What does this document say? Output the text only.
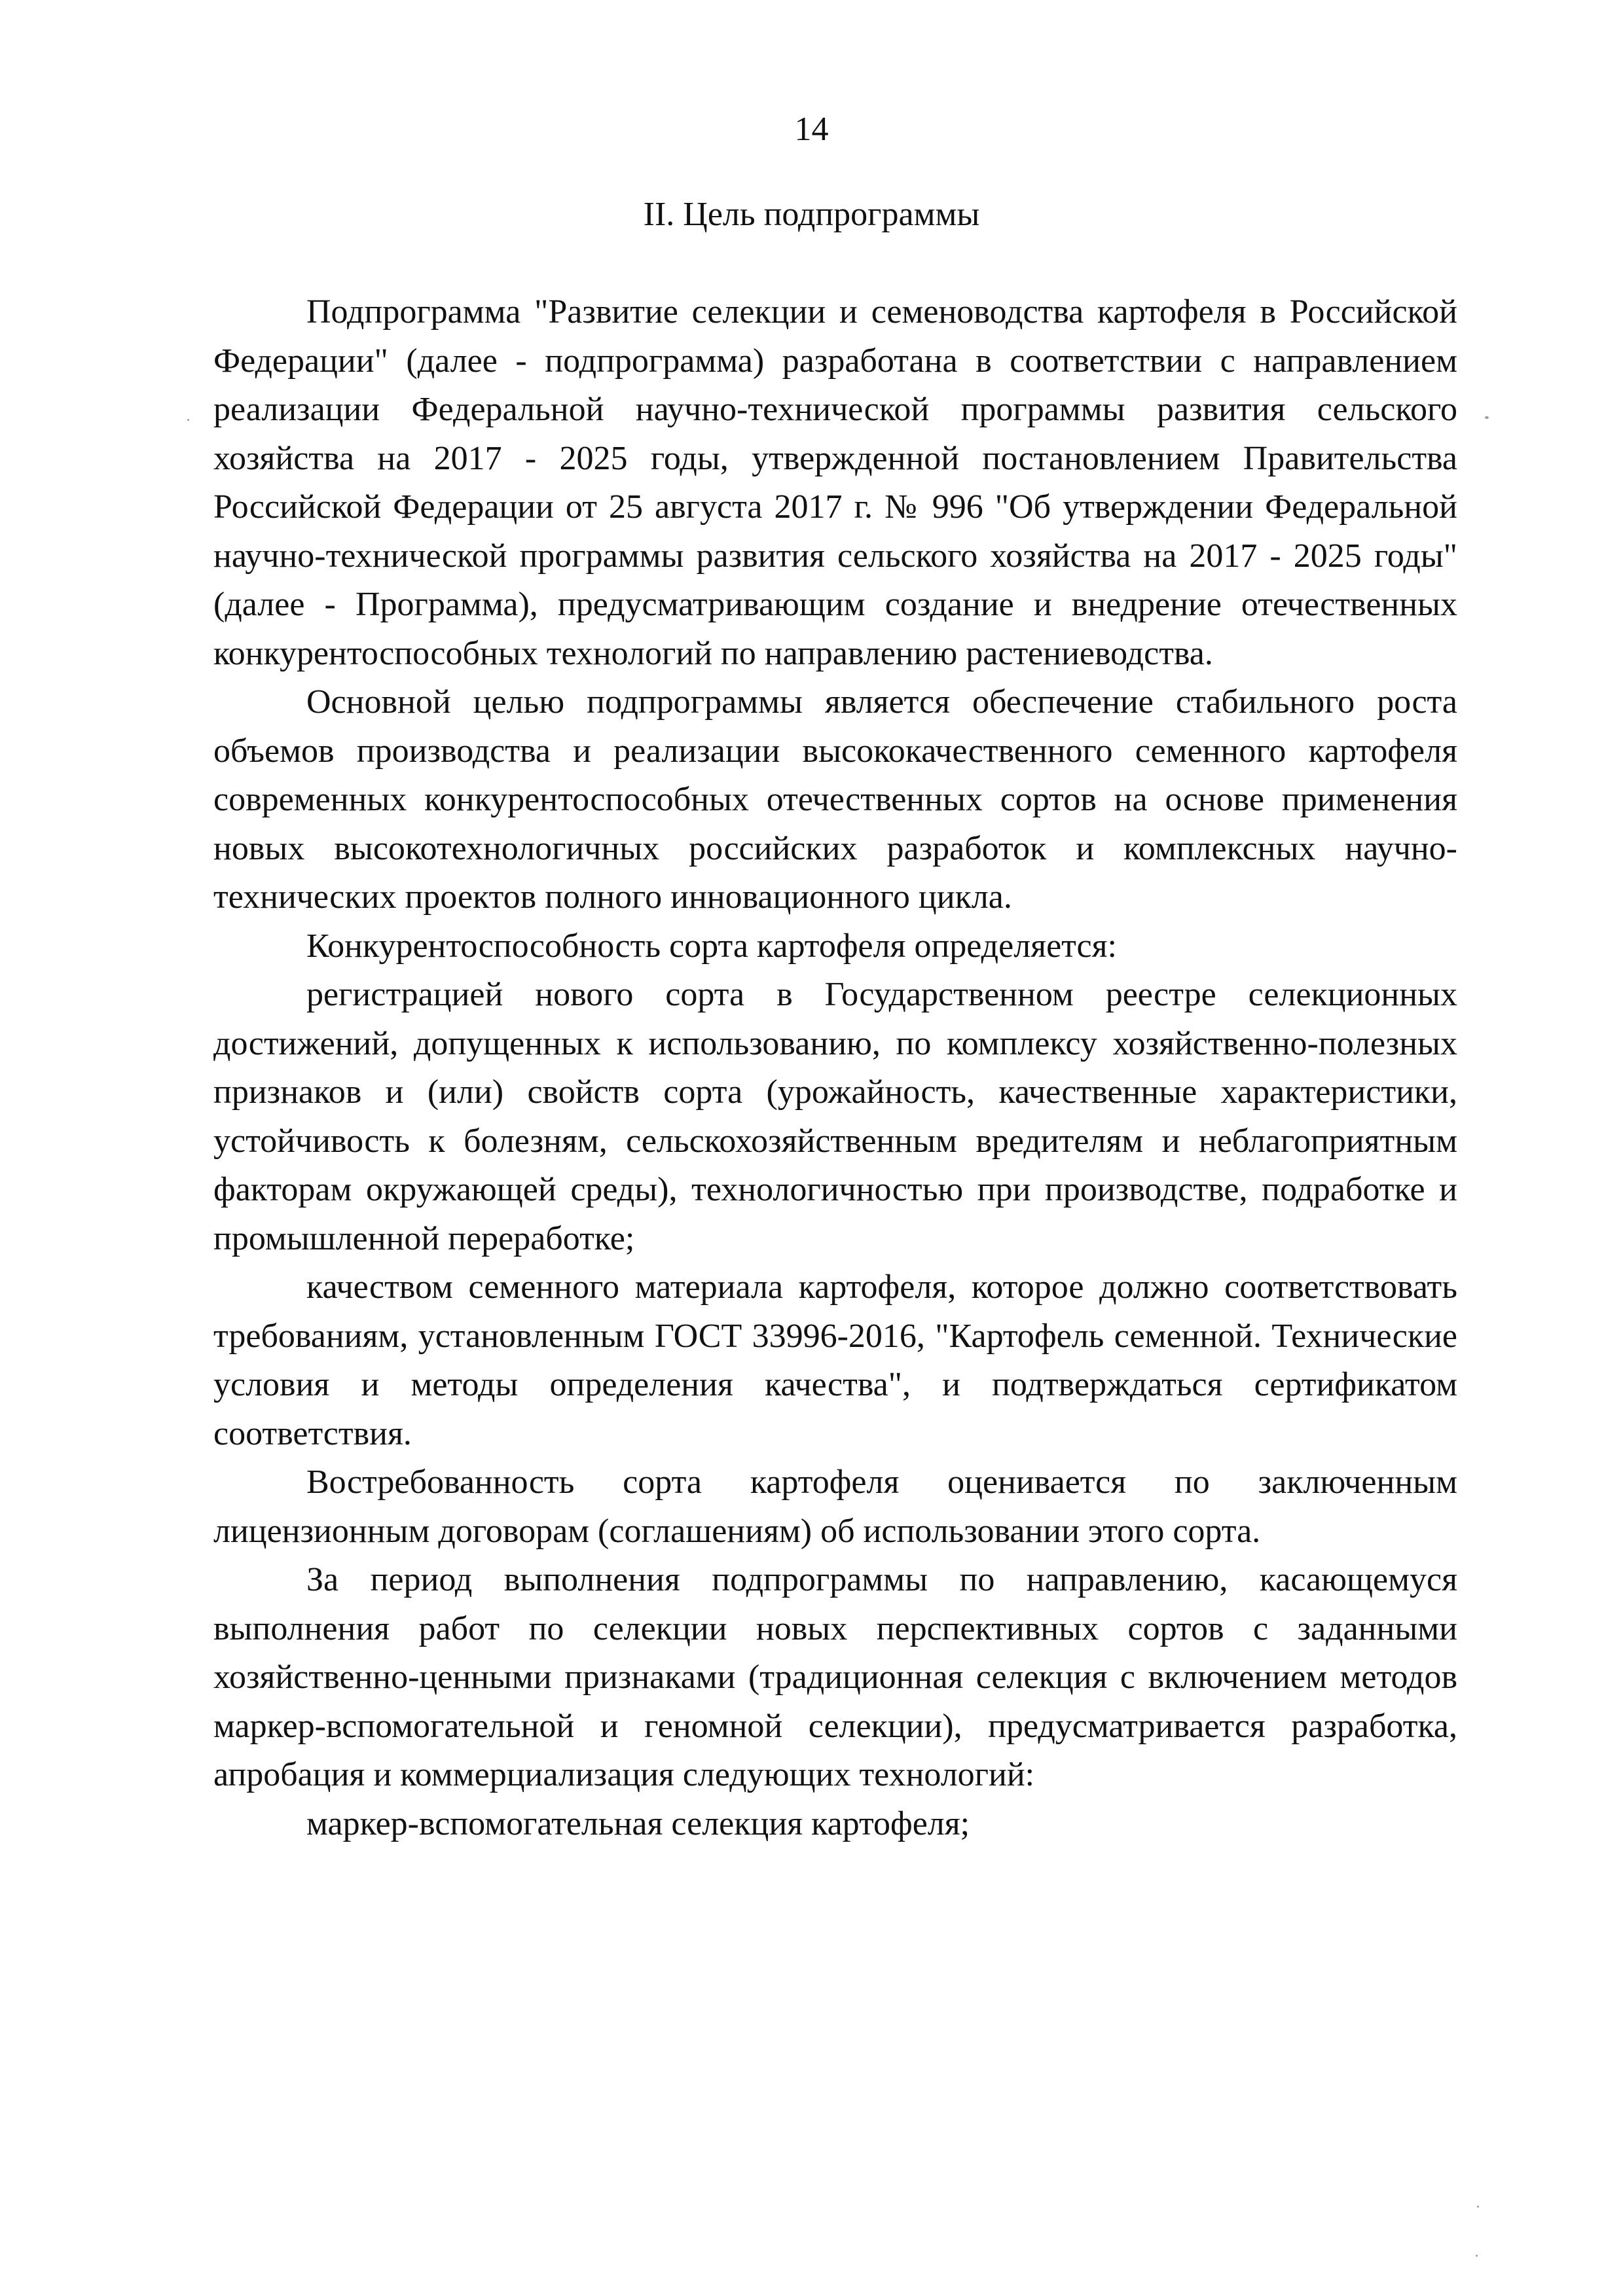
14
II. Цель подпрограммы

Подпрограмма "Развитие селекции и семеноводства картофеля в Российской Федерации" (далее - подпрограмма) разработана в соответствии с направлением реализации Федеральной научно-технической программы развития сельского хозяйства на 2017 - 2025 годы, утвержденной постановлением Правительства Российской Федерации от 25 августа 2017 г. № 996 "Об утверждении Федеральной научно-технической программы развития сельского хозяйства на 2017 - 2025 годы" (далее - Программа), предусматривающим создание и внедрение отечественных конкурентоспособных технологий по направлению растениеводства.

Основной целью подпрограммы является обеспечение стабильного роста объемов производства и реализации высококачественного семенного картофеля современных конкурентоспособных отечественных сортов на основе применения новых высокотехнологичных российских разработок и комплексных научно-технических проектов полного инновационного цикла.

Конкурентоспособность сорта картофеля определяется:

регистрацией нового сорта в Государственном реестре селекционных достижений, допущенных к использованию, по комплексу хозяйственно-полезных признаков и (или) свойств сорта (урожайность, качественные характеристики, устойчивость к болезням, сельскохозяйственным вредителям и неблагоприятным факторам окружающей среды), технологичностью при производстве, подработке и промышленной переработке;

качеством семенного материала картофеля, которое должно соответствовать требованиям, установленным ГОСТ 33996-2016, "Картофель семенной. Технические условия и методы определения качества", и подтверждаться сертификатом соответствия.

Востребованность сорта картофеля оценивается по заключенным лицензионным договорам (соглашениям) об использовании этого сорта.

За период выполнения подпрограммы по направлению, касающемуся выполнения работ по селекции новых перспективных сортов с заданными хозяйственно-ценными признаками (традиционная селекция с включением методов маркер-вспомогательной и геномной селекции), предусматривается разработка, апробация и коммерциализация следующих технологий:

маркер-вспомогательная селекция картофеля;
